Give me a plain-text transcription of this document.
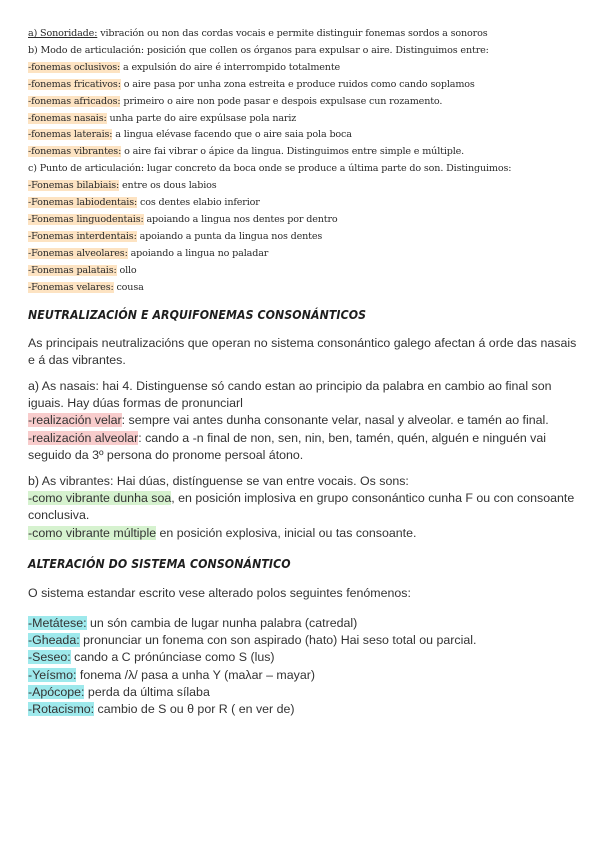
a) Sonoridade: vibración ou non das cordas vocais e permite distinguir fonemas sordos a sonoros
b) Modo de articulación: posición que collen os órganos para expulsar o aire. Distinguimos entre:
-fonemas oclusivos: a expulsión do aire é interrompido totalmente
-fonemas fricativos: o aire pasa por unha zona estreita e produce ruidos como cando soplamos
-fonemas africados: primeiro o aire non pode pasar e despois expulsase cun rozamento.
-fonemas nasais: unha parte do aire expúlsase pola nariz
-fonemas laterais: a lingua elévase facendo que o aire saia pola boca
-fonemas vibrantes: o aire fai vibrar o ápice da lingua. Distinguimos entre simple e múltiple.
c) Punto de articulación: lugar concreto da boca onde se produce a última parte do son. Distinguimos:
-Fonemas bilabiais: entre os dous labios
-Fonemas labiodentais: cos dentes elabio inferior
-Fonemas linguodentais: apoiando a lingua nos dentes por dentro
-Fonemas interdentais: apoiando a punta da lingua nos dentes
-Fonemas alveolares: apoiando a lingua no paladar
-Fonemas palatais: ollo
-Fonemas velares: cousa
NEUTRALIZACIÓN E ARQUIFONEMAS CONSONÁNTICOS
As principais neutralizacións que operan no sistema consonántico galego afectan á orde das nasais
e á das vibrantes.
a) As nasais: hai 4. Distinguense só cando estan ao principio da palabra en cambio ao final son
iguais. Hay dúas formas de pronunciarl
-realización velar: sempre vai antes dunha consonante velar, nasal y alveolar. e tamén ao final.
-realización alveolar: cando a -n final de non, sen, nin, ben, tamén, quén, alguén e ninguén vai
seguido da 3º persona do pronome persoal átono.
b) As vibrantes: Hai dúas, distínguense se van entre vocais. Os sons:
-como vibrante dunha soa, en posición implosiva en grupo consonántico cunha F ou con consoante
conclusiva.
-como vibrante múltiple en posición explosiva, inicial ou tas consoante.
ALTERACIÓN DO SISTEMA CONSONÁNTICO
O sistema estandar escrito vese alterado polos seguintes fenómenos:
-Metátese: un són cambia de lugar nunha palabra (catredal)
-Gheada: pronunciar un fonema con son aspirado (hato) Hai seso total ou parcial.
-Seseo: cando a C prónúnciase como S (lus)
-Yeísmo: fonema /λ/ pasa a unha Y (maλar – mayar)
-Apócope: perda da última sílaba
-Rotacismo: cambio de S ou θ por R ( en ver de)
